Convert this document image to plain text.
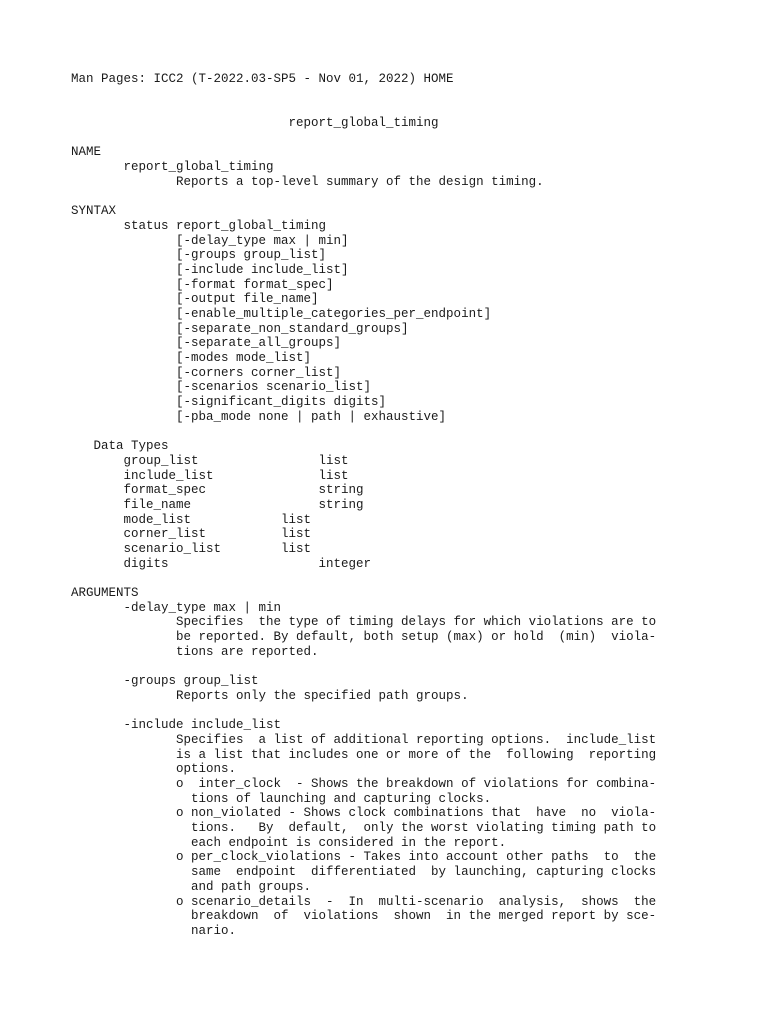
Man Pages: ICC2 (T-2022.03-SP5 - Nov 01, 2022) HOME
report_global_timing
NAME
report_global_timing
Reports a top-level summary of the design timing.
SYNTAX
status report_global_timing
[-delay_type max | min]
[-groups group_list]
[-include include_list]
[-format format_spec]
[-output file_name]
[-enable_multiple_categories_per_endpoint]
[-separate_non_standard_groups]
[-separate_all_groups]
[-modes mode_list]
[-corners corner_list]
[-scenarios scenario_list]
[-significant_digits digits]
[-pba_mode none | path | exhaustive]
Data Types
group_list                list
include_list              list
format_spec               string
file_name                 string
mode_list            list
corner_list          list
scenario_list        list
digits                    integer
ARGUMENTS
-delay_type max | min
Specifies  the type of timing delays for which violations are to
be reported. By default, both setup (max) or hold  (min)  viola-
tions are reported.
-groups group_list
Reports only the specified path groups.
-include include_list
Specifies  a list of additional reporting options.  include_list
is a list that includes one or more of the  following  reporting
options.
o  inter_clock  - Shows the breakdown of violations for combina-
tions of launching and capturing clocks.
o non_violated - Shows clock combinations that  have  no  viola-
tions.   By  default,  only the worst violating timing path to
each endpoint is considered in the report.
o per_clock_violations - Takes into account other paths  to  the
same  endpoint  differentiated  by launching, capturing clocks
and path groups.
o scenario_details  -  In  multi-scenario  analysis,  shows  the
breakdown  of  violations  shown  in the merged report by sce-
nario.
